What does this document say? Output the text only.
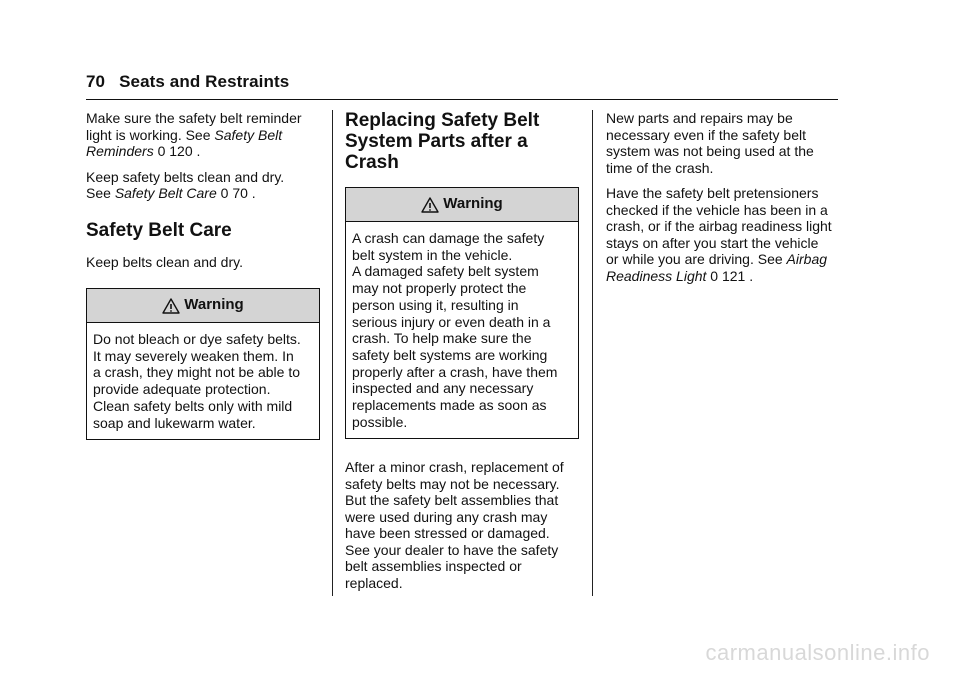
70 Seats and Restraints

Make sure the safety belt reminder
light is working. See Safety Belt
Reminders 0 120 .

Keep safety belts clean and dry.
See Safety Belt Care 0 70 .

Safety Belt Care

Keep belts clean and dry.

Warning
Do not bleach or dye safety belts.
It may severely weaken them. In
a crash, they might not be able to
provide adequate protection.
Clean safety belts only with mild
soap and lukewarm water.
Replacing Safety Belt
System Parts after a
Crash
Warning
A crash can damage the safety
belt system in the vehicle.
A damaged safety belt system
may not properly protect the
person using it, resulting in
serious injury or even death in a
crash. To help make sure the
safety belt systems are working
properly after a crash, have them
inspected and any necessary
replacements made as soon as
possible.

After a minor crash, replacement of
safety belts may not be necessary.
But the safety belt assemblies that
were used during any crash may
have been stressed or damaged.
See your dealer to have the safety
belt assemblies inspected or
replaced.

New parts and repairs may be
necessary even if the safety belt
system was not being used at the
time of the crash.

Have the safety belt pretensioners
checked if the vehicle has been in a
crash, or if the airbag readiness light
stays on after you start the vehicle
or while you are driving. See Airbag
Readiness Light 0 121 .

carmanualsonline.info
